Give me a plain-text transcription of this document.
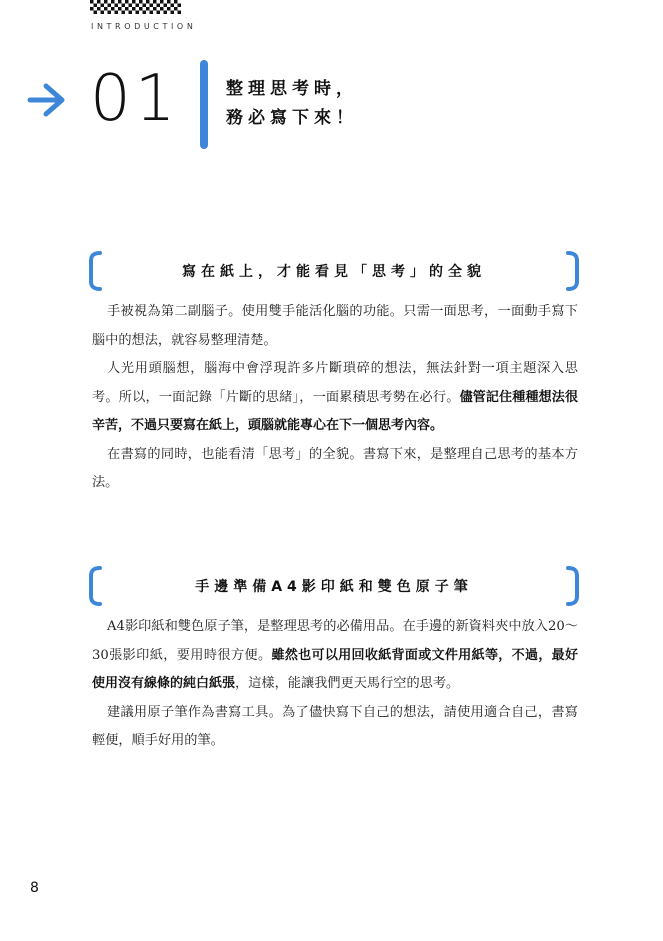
INTRODUCTION
01	整理思考時，
務必寫下來！
寫在紙上，才能看見「思考」的全貌

手被視為第二副腦子。使用雙手能活化腦的功能。只需一面思考，一面動手寫下腦中的想法，就容易整理清楚。

人光用頭腦想，腦海中會浮現許多片斷瑣碎的想法，無法針對一項主題深入思考。所以，一面記錄「片斷的思緒」，一面累積思考勢在必行。儘管記住種種想法很辛苦，不過只要寫在紙上，頭腦就能專心在下一個思考內容。

在書寫的同時，也能看清「思考」的全貌。書寫下來，是整理自己思考的基本方法。

手邊準備A4影印紙和雙色原子筆

A4影印紙和雙色原子筆，是整理思考的必備用品。在手邊的新資料夾中放入20～30張影印紙，要用時很方便。雖然也可以用回收紙背面或文件用紙等，不過，最好使用沒有線條的純白紙張，這樣，能讓我們更天馬行空的思考。

建議用原子筆作為書寫工具。為了儘快寫下自己的想法，請使用適合自己，書寫輕便，順手好用的筆。

8
